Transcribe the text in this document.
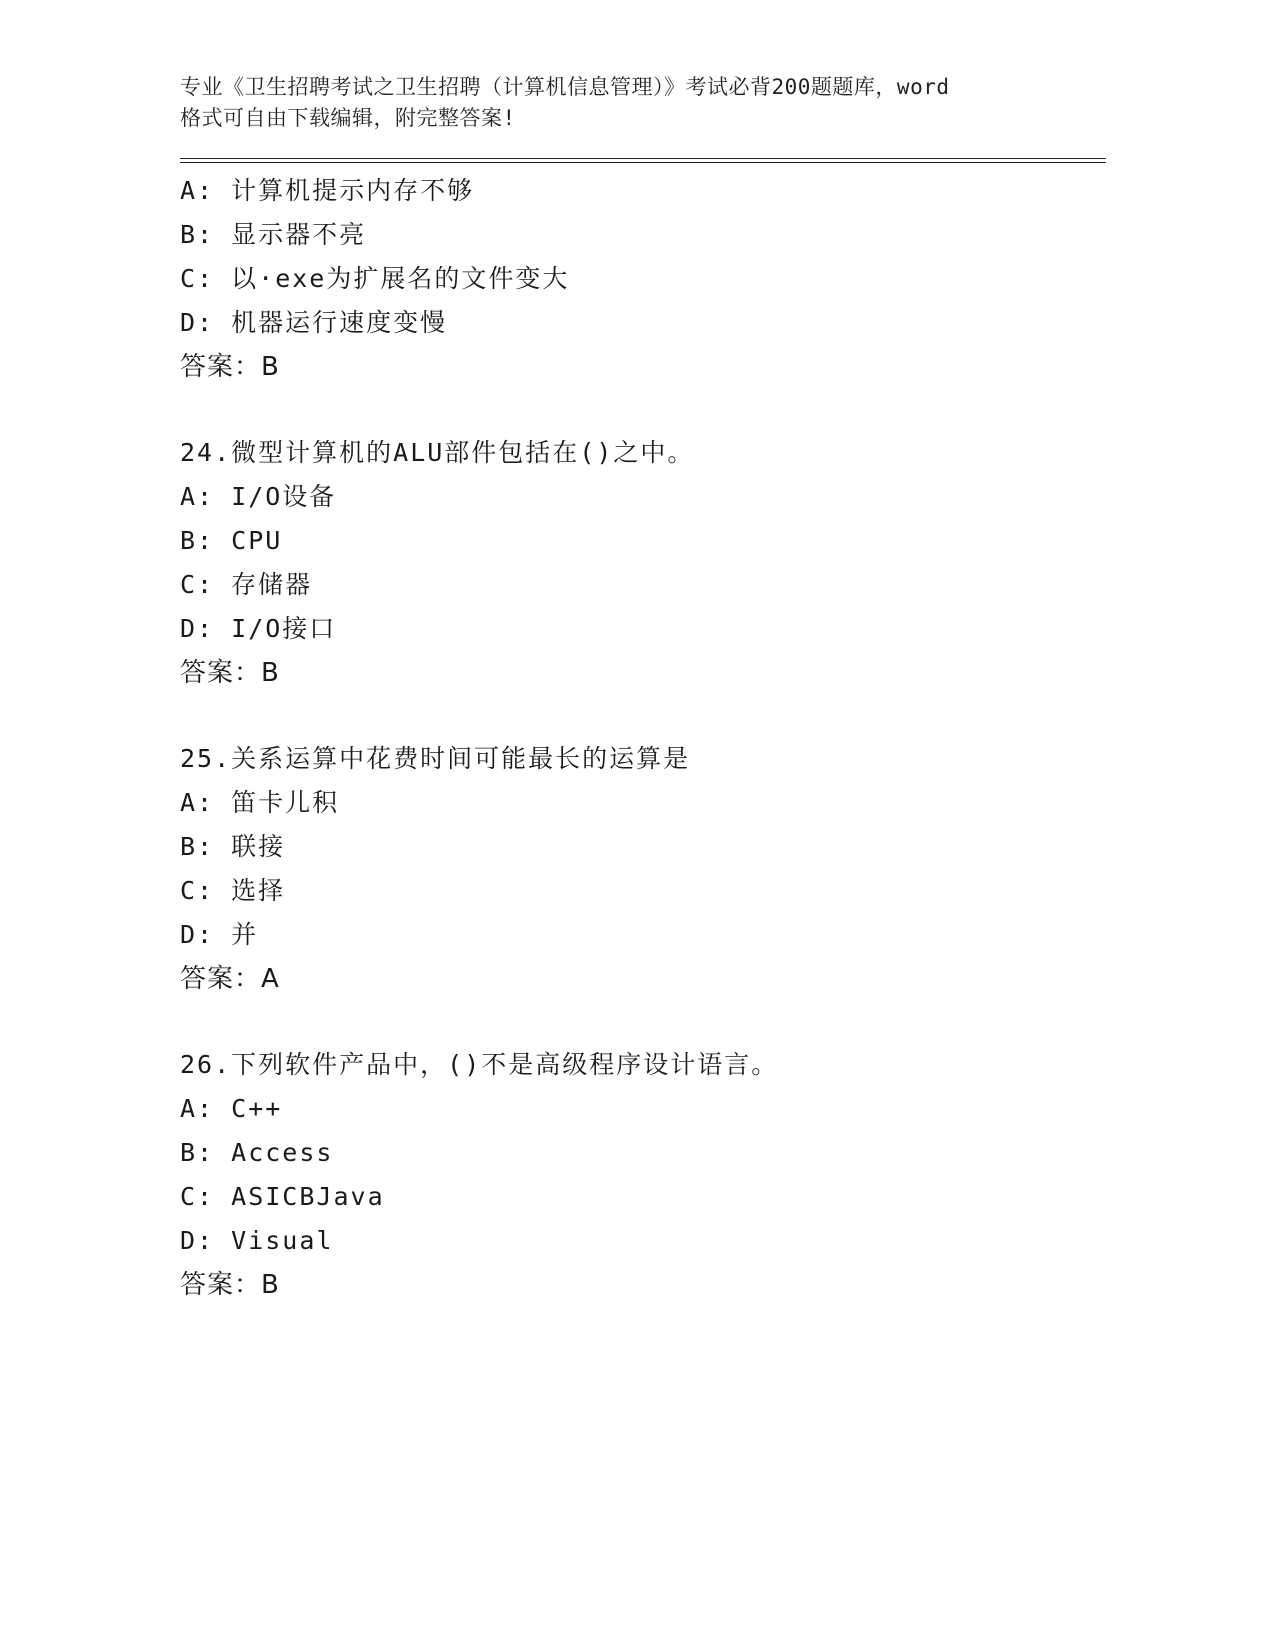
专业《卫生招聘考试之卫生招聘（计算机信息管理）》考试必背200题题库，word
格式可自由下载编辑，附完整答案!
A: 计算机提示内存不够
B: 显示器不亮
C: 以·exe为扩展名的文件变大
D: 机器运行速度变慢
答案：B
24.微型计算机的ALU部件包括在()之中。
A: I/O设备
B: CPU
C: 存储器
D: I/O接口
答案：B
25.关系运算中花费时间可能最长的运算是
A: 笛卡儿积
B: 联接
C: 选择
D: 并
答案：A
26.下列软件产品中，()不是高级程序设计语言。
A: C++
B: Access
C: ASICBJava
D: Visual
答案：B
